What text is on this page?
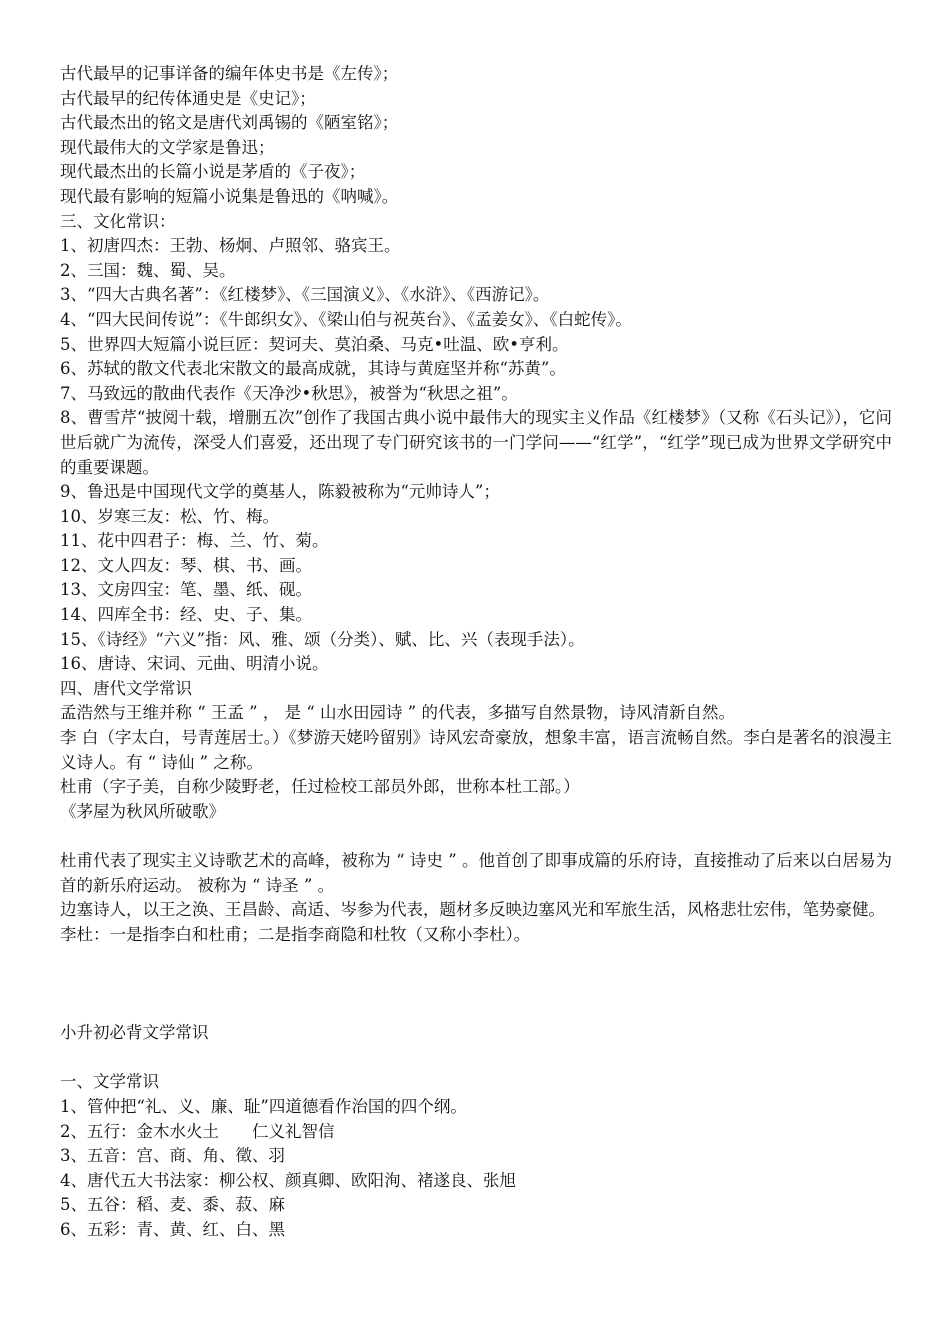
古代最早的记事详备的编年体史书是《左传》；
古代最早的纪传体通史是《史记》；
古代最杰出的铭文是唐代刘禹锡的《陋室铭》；
现代最伟大的文学家是鲁迅；
现代最杰出的长篇小说是茅盾的《子夜》；
现代最有影响的短篇小说集是鲁迅的《呐喊》。
三、文化常识：
1、初唐四杰：王勃、杨炯、卢照邻、骆宾王。
2、三国：魏、蜀、吴。
3、“四大古典名著”：《红楼梦》、《三国演义》、《水浒》、《西游记》。
4、“四大民间传说”：《牛郎织女》、《梁山伯与祝英台》、《孟姜女》、《白蛇传》。
5、世界四大短篇小说巨匠：契诃夫、莫泊桑、马克•吐温、欧•亨利。
6、苏轼的散文代表北宋散文的最高成就，其诗与黄庭坚并称“苏黄”。
7、马致远的散曲代表作《天净沙•秋思》，被誉为“秋思之祖”。
8、曹雪芹“披阅十载，增删五次”创作了我国古典小说中最伟大的现实主义作品《红楼梦》（又称《石头记》），它问世后就广为流传，深受人们喜爱，还出现了专门研究该书的一门学问——“红学”，“红学”现已成为世界文学研究中的重要课题。
9、鲁迅是中国现代文学的奠基人，陈毅被称为“元帅诗人”；
10、岁寒三友：松、竹、梅。
11、花中四君子：梅、兰、竹、菊。
12、文人四友：琴、棋、书、画。
13、文房四宝：笔、墨、纸、砚。
14、四库全书：经、史、子、集。
15、《诗经》“六义”指：风、雅、颂（分类）、赋、比、兴（表现手法）。
16、唐诗、宋词、元曲、明清小说。
四、唐代文学常识
孟浩然与王维并称 “ 王孟 ” ， 是 “ 山水田园诗 ” 的代表，多描写自然景物，诗风清新自然。
李 白（字太白，号青莲居士。）《梦游天姥吟留别》诗风宏奇豪放，想象丰富，语言流畅自然。李白是著名的浪漫主义诗人。有 “ 诗仙 ” 之称。
杜甫（字子美，自称少陵野老，任过检校工部员外郎，世称本杜工部。）
《茅屋为秋风所破歌》
杜甫代表了现实主义诗歌艺术的高峰，被称为 “ 诗史 ” 。他首创了即事成篇的乐府诗，直接推动了后来以白居易为首的新乐府运动。 被称为 “ 诗圣 ” 。
边塞诗人，以王之涣、王昌龄、高适、岑参为代表，题材多反映边塞风光和军旅生活，风格悲壮宏伟，笔势豪健。
李杜：一是指李白和杜甫；二是指李商隐和杜牧（又称小李杜）。
小升初必背文学常识
一、文学常识
1、管仲把“礼、义、廉、耻”四道德看作治国的四个纲。
2、五行：金木水火土　　仁义礼智信
3、五音：宫、商、角、徵、羽
4、唐代五大书法家：柳公权、颜真卿、欧阳洵、褚遂良、张旭
5、五谷：稻、麦、黍、菽、麻
6、五彩：青、黄、红、白、黑
